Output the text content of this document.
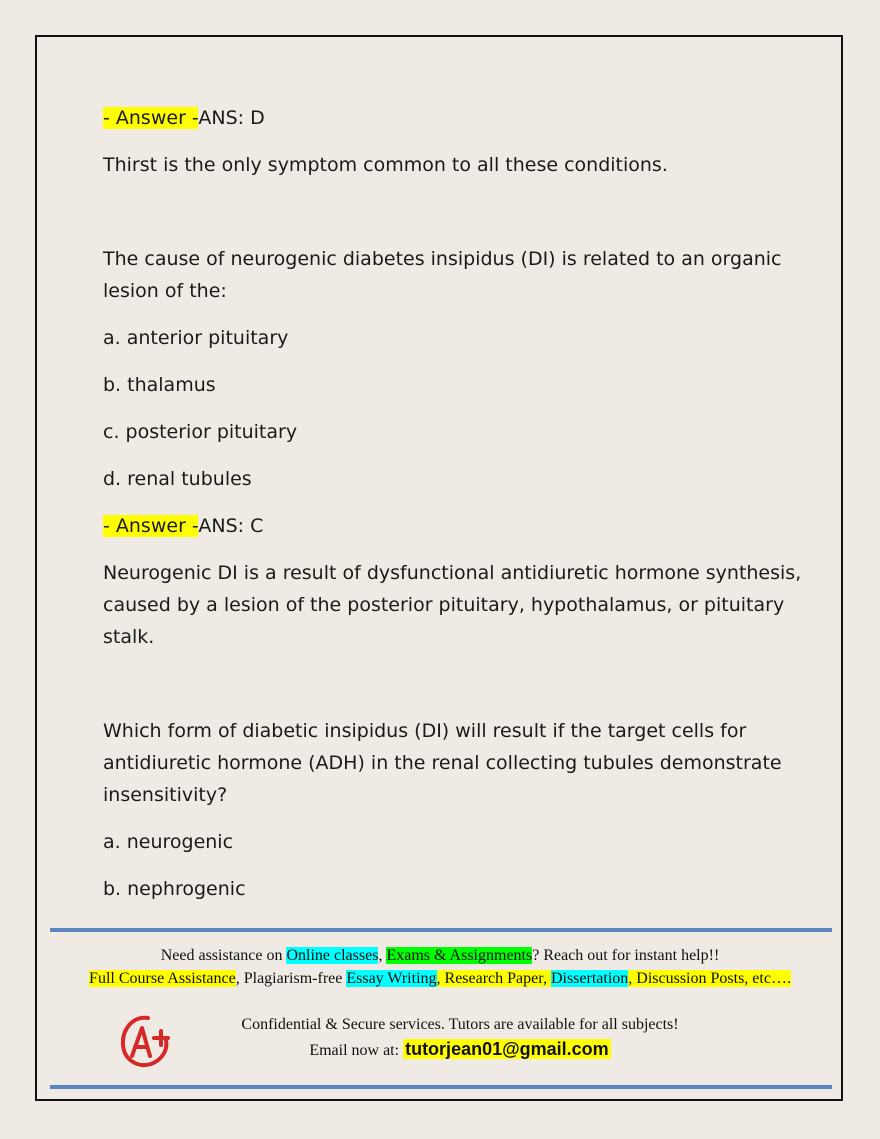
- Answer -ANS: D

Thirst is the only symptom common to all these conditions.

The cause of neurogenic diabetes insipidus (DI) is related to an organic lesion of the:

a. anterior pituitary

b. thalamus

c. posterior pituitary

d. renal tubules

- Answer -ANS: C

Neurogenic DI is a result of dysfunctional antidiuretic hormone synthesis, caused by a lesion of the posterior pituitary, hypothalamus, or pituitary stalk.

Which form of diabetic insipidus (DI) will result if the target cells for antidiuretic hormone (ADH) in the renal collecting tubules demonstrate insensitivity?

a. neurogenic

b. nephrogenic

Need assistance on Online classes, Exams & Assignments? Reach out for instant help!!
Full Course Assistance, Plagiarism-free Essay Writing, Research Paper, Dissertation, Discussion Posts, etc….
Confidential & Secure services. Tutors are available for all subjects!
Email now at: tutorjean01@gmail.com
